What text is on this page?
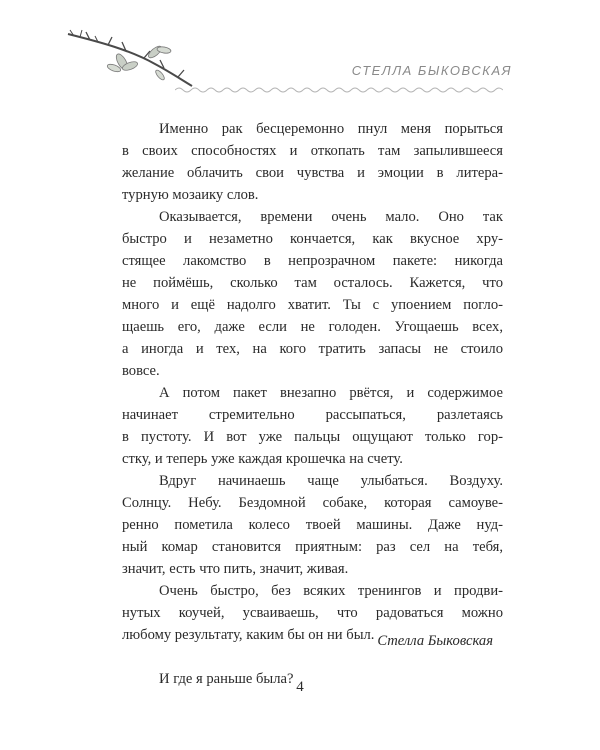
СТЕЛЛА БЫКОВСКАЯ
Именно рак бесцеремонно пнул меня порыться
в своих способностях и откопать там запылившееся
желание облачить свои чувства и эмоции в литера-
турную мозаику слов.
Оказывается, времени очень мало. Оно так
быстро и незаметно кончается, как вкусное хру-
стящее лакомство в непрозрачном пакете: никогда
не поймёшь, сколько там осталось. Кажется, что
много и ещё надолго хватит. Ты с упоением погло-
щаешь его, даже если не голоден. Угощаешь всех,
а иногда и тех, на кого тратить запасы не стоило
вовсе.
А потом пакет внезапно рвётся, и содержимое
начинает стремительно рассыпаться, разлетаясь
в пустоту. И вот уже пальцы ощущают только гор-
стку, и теперь уже каждая крошечка на счету.
Вдруг начинаешь чаще улыбаться. Воздуху.
Солнцу. Небу. Бездомной собаке, которая самоуве-
ренно пометила колесо твоей машины. Даже нуд-
ный комар становится приятным: раз сел на тебя,
значит, есть что пить, значит, живая.
Очень быстро, без всяких тренингов и продви-
нутых коучей, усваиваешь, что радоваться можно
любому результату, каким бы он ни был.
И где я раньше была?
Стелла Быковская
4
